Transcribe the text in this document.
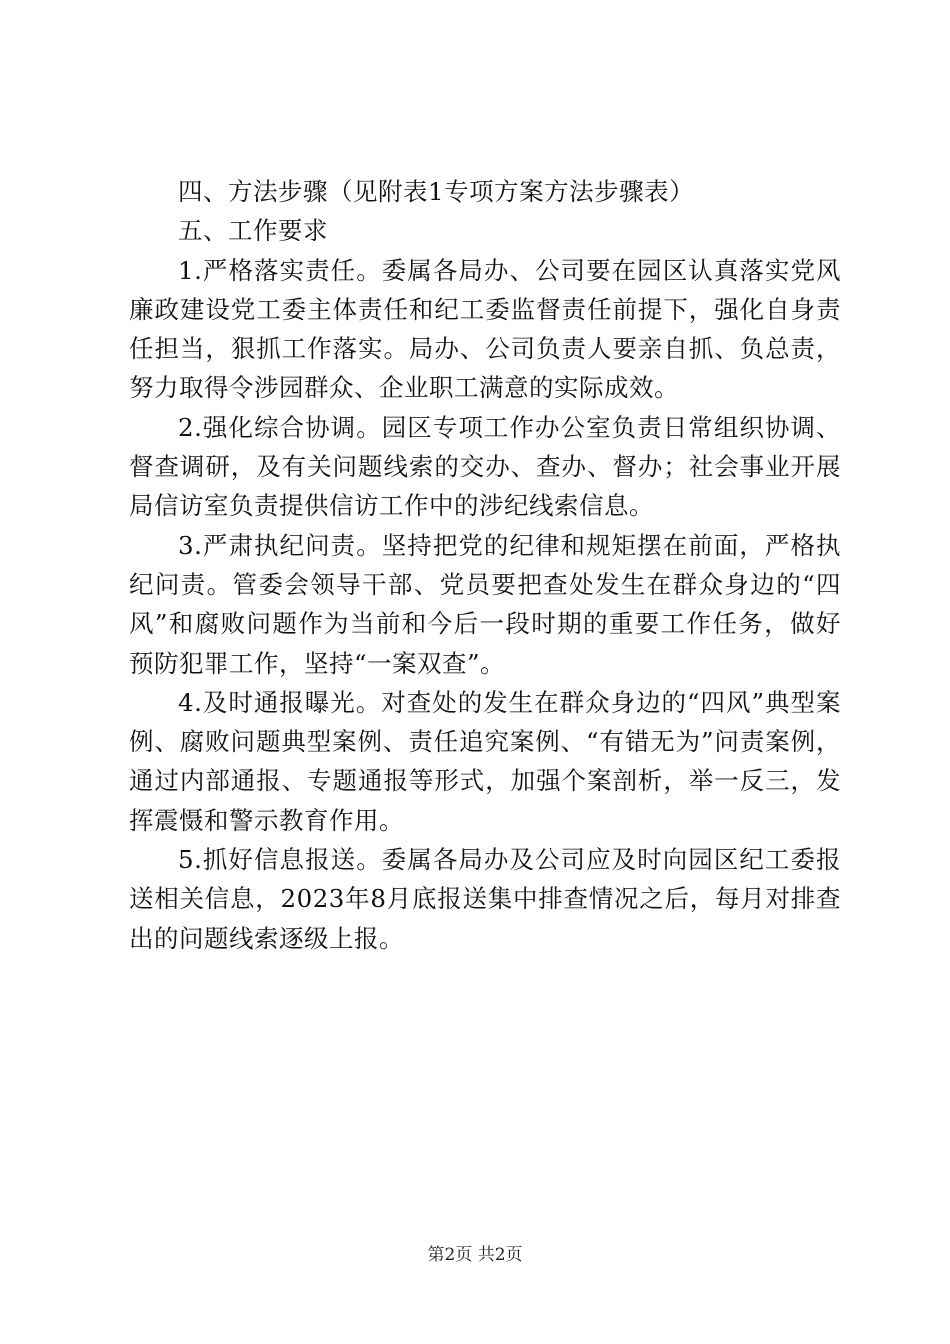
四、方法步骤（见附表1专项方案方法步骤表）

五、工作要求

1.严格落实责任。委属各局办、公司要在园区认真落实党风廉政建设党工委主体责任和纪工委监督责任前提下，强化自身责任担当，狠抓工作落实。局办、公司负责人要亲自抓、负总责，努力取得令涉园群众、企业职工满意的实际成效。

2.强化综合协调。园区专项工作办公室负责日常组织协调、督查调研，及有关问题线索的交办、查办、督办；社会事业开展局信访室负责提供信访工作中的涉纪线索信息。

3.严肃执纪问责。坚持把党的纪律和规矩摆在前面，严格执纪问责。管委会领导干部、党员要把查处发生在群众身边的“四风”和腐败问题作为当前和今后一段时期的重要工作任务，做好预防犯罪工作，坚持“一案双查”。

4.及时通报曝光。对查处的发生在群众身边的“四风”典型案例、腐败问题典型案例、责任追究案例、“有错无为”问责案例，通过内部通报、专题通报等形式，加强个案剖析，举一反三，发挥震慑和警示教育作用。

5.抓好信息报送。委属各局办及公司应及时向园区纪工委报送相关信息，2023年8月底报送集中排查情况之后，每月对排查出的问题线索逐级上报。

第2页 共2页
